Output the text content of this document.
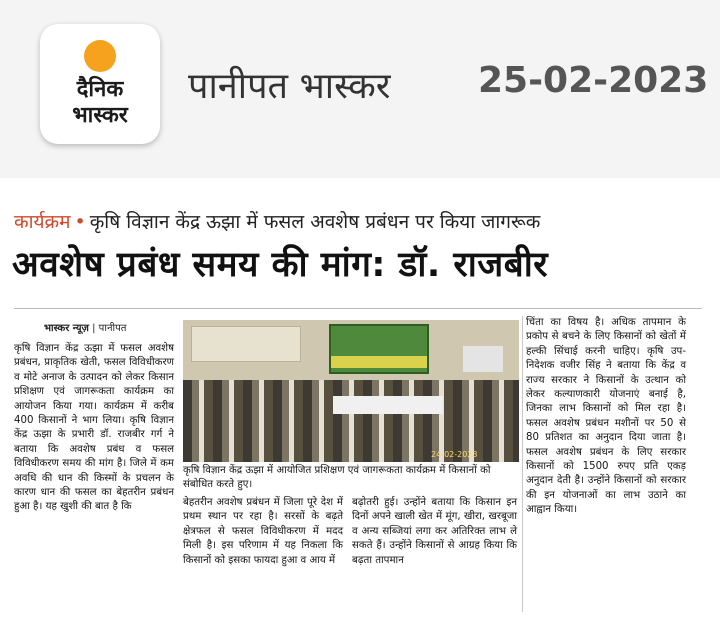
दैनिक
भास्कर
पानीपत भास्कर 25-02-2023
कार्यक्रम • कृषि विज्ञान केंद्र ऊझा में फसल अवशेष प्रबंधन पर किया जागरूक
अवशेष प्रबंध समय की मांग: डॉ. राजबीर
भास्कर न्यूज़ | पानीपत
कृषि विज्ञान केंद्र ऊझा में फसल अवशेष प्रबंधन, प्राकृतिक खेती, फसल विविधीकरण व मोटे अनाज के उत्पादन को लेकर किसान प्रशिक्षण एवं जागरूकता कार्यक्रम का आयोजन किया गया। कार्यक्रम में करीब 400 किसानों ने भाग लिया। कृषि विज्ञान केंद्र ऊझा के प्रभारी डॉ. राजबीर गर्ग ने बताया कि अवशेष प्रबंध व फसल विविधीकरण समय की मांग है। जिले में कम अवधि की धान की किस्मों के प्रचलन के कारण धान की फसल का बेहतरीन प्रबंधन हुआ है। यह खुशी की बात है कि
24-02-2023
कृषि विज्ञान केंद्र ऊझा में आयोजित प्रशिक्षण एवं जागरूकता कार्यक्रम में किसानों को संबोधित करते हुए।
बेहतरीन अवशेष प्रबंधन में जिला पूरे देश में प्रथम स्थान पर रहा है। सरसों के बढ़ते क्षेत्रफल से फसल विविधीकरण में मदद मिली है। इस परिणाम में यह निकला कि किसानों को इसका फायदा हुआ व आय में
बढ़ोतरी हुई। उन्होंने बताया कि किसान इन दिनों अपने खाली खेत में मूंग, खीरा, खरबूजा व अन्य सब्जियां लगा कर अतिरिक्त लाभ ले सकते हैं। उन्होंने किसानों से आग्रह किया कि बढ़ता तापमान
चिंता का विषय है। अधिक तापमान के प्रकोप से बचने के लिए किसानों को खेतों में हल्की सिंचाई करनी चाहिए। कृषि उप-निदेशक वजीर सिंह ने बताया कि केंद्र व राज्य सरकार ने किसानों के उत्थान को लेकर कल्याणकारी योजनाएं बनाई है, जिनका लाभ किसानों को मिल रहा है। फसल अवशेष प्रबंधन मशीनों पर 50 से 80 प्रतिशत का अनुदान दिया जाता है। फसल अवशेष प्रबंधन के लिए सरकार किसानों को 1500 रुपए प्रति एकड़ अनुदान देती है। उन्होंने किसानों को सरकार की इन योजनाओं का लाभ उठाने का आह्वान किया।
